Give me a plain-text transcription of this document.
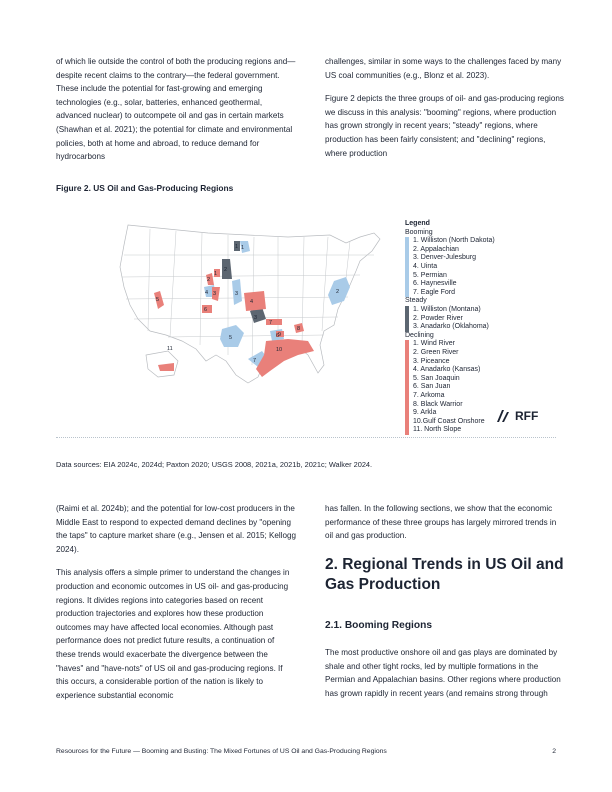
of which lie outside the control of both the producing regions and—despite recent claims to the contrary—the federal government. These include the potential for fast-growing and emerging technologies (e.g., solar, batteries, enhanced geothermal, advanced nuclear) to outcompete oil and gas in certain markets (Shawhan et al. 2021); the potential for climate and environmental policies, both at home and abroad, to reduce demand for hydrocarbons

challenges, similar in some ways to the challenges faced by many US coal communities (e.g., Blonz et al. 2023).

Figure 2 depicts the three groups of oil- and gas-producing regions we discuss in this analysis: "booming" regions, where production has grown strongly in recent years; "steady" regions, where production has been fairly consistent; and "declining" regions, where production

Figure 2. US Oil and Gas-Producing Regions
1
2
3
4
5	6
7
1
2
3
1
2
3
4
5
6
7
8
9
10
11
Legend
Booming
1. Williston (North Dakota)
2. Appalachian
3. Denver-Julesburg
4. Uinta
5. Permian
6. Haynesville
7. Eagle Ford
Steady
1. Williston (Montana)
2. Powder River
3. Anadarko (Oklahoma)
Declining
1. Wind River
2. Green River
3. Piceance
4. Anadarko (Kansas)
5. San Joaquin
6. San Juan
7. Arkoma
8. Black Warrior
9. Arkla
10.Gulf Coast Onshore
11. North Slope
RFF
Data sources: EIA 2024c, 2024d; Paxton 2020; USGS 2008, 2021a, 2021b, 2021c; Walker 2024.

(Raimi et al. 2024b); and the potential for low-cost producers in the Middle East to respond to expected demand declines by "opening the taps" to capture market share (e.g., Jensen et al. 2015; Kellogg 2024).

This analysis offers a simple primer to understand the changes in production and economic outcomes in US oil- and gas-producing regions. It divides regions into categories based on recent production trajectories and explores how these production outcomes may have affected local economies. Although past performance does not predict future results, a continuation of these trends would exacerbate the divergence between the "haves" and "have-nots" of US oil and gas-producing regions. If this occurs, a considerable portion of the nation is likely to experience substantial economic

has fallen. In the following sections, we show that the economic performance of these three groups has largely mirrored trends in oil and gas production.

2. Regional Trends in US Oil and Gas Production
2.1. Booming Regions

The most productive onshore oil and gas plays are dominated by shale and other tight rocks, led by multiple formations in the Permian and Appalachian basins. Other regions where production has grown rapidly in recent years (and remains strong through

Resources for the Future — Booming and Busting: The Mixed Fortunes of US Oil and Gas-Producing Regions	2
